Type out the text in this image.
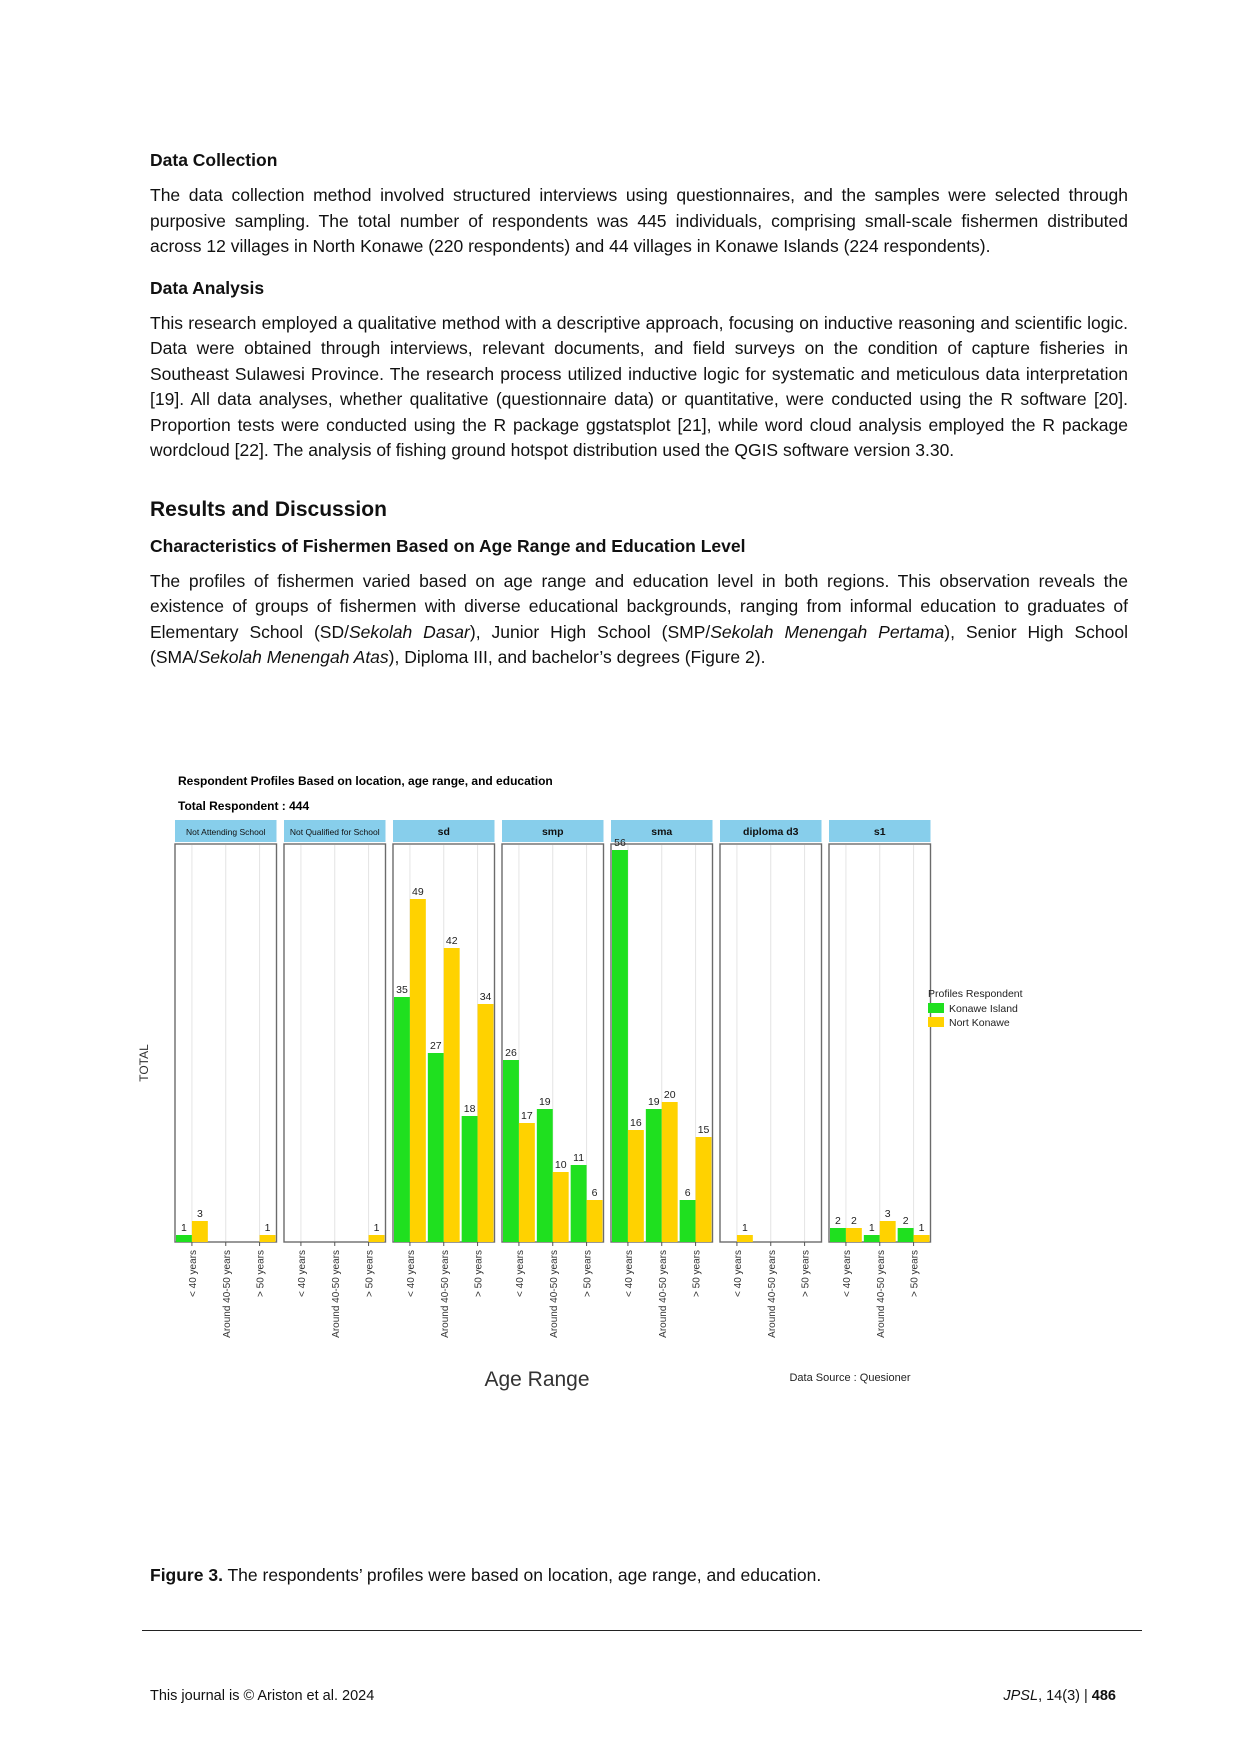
Data Collection

The data collection method involved structured interviews using questionnaires, and the samples were selected through purposive sampling. The total number of respondents was 445 individuals, comprising small-scale fishermen distributed across 12 villages in North Konawe (220 respondents) and 44 villages in Konawe Islands (224 respondents).

Data Analysis

This research employed a qualitative method with a descriptive approach, focusing on inductive reasoning and scientific logic. Data were obtained through interviews, relevant documents, and field surveys on the condition of capture fisheries in Southeast Sulawesi Province. The research process utilized inductive logic for systematic and meticulous data interpretation [19]. All data analyses, whether qualitative (questionnaire data) or quantitative, were conducted using the R software [20]. Proportion tests were conducted using the R package ggstatsplot [21], while word cloud analysis employed the R package wordcloud [22]. The analysis of fishing ground hotspot distribution used the QGIS software version 3.30.

Results and Discussion
Characteristics of Fishermen Based on Age Range and Education Level

The profiles of fishermen varied based on age range and education level in both regions. This observation reveals the existence of groups of fishermen with diverse educational backgrounds, ranging from informal education to graduates of Elementary School (SD/Sekolah Dasar), Junior High School (SMP/Sekolah Menengah Pertama), Senior High School (SMA/Sekolah Menengah Atas), Diploma III, and bachelor’s degrees (Figure 2).

Respondent Profiles Based on location, age range, and education
Total Respondent : 444
TOTAL
Not Attending School
1
3
< 40 years Around 40-50 years
1
> 50 years
Not Qualified for School
< 40 years Around 40-50 years
1
> 50 years
sd
35
49
< 40 years
27
42
Around 40-50 years
18
34
> 50 years
smp
26
17
< 40 years
19
10
Around 40-50 years
11
6
> 50 years
sma
56
16
< 40 years
19
20
Around 40-50 years
6
15
> 50 years
diploma d3
1
< 40 years Around 40-50 years > 50 years
s1
2 2
< 40 years
1
3
Around 40-50 years
2
1
> 50 years
Age Range	Data Source : Quesioner
Profiles Respondent
Konawe Island
Nort Konawe
Figure 3. The respondents’ profiles were based on location, age range, and education.
This journal is © Ariston et al. 2024	JPSL, 14(3) | 486
